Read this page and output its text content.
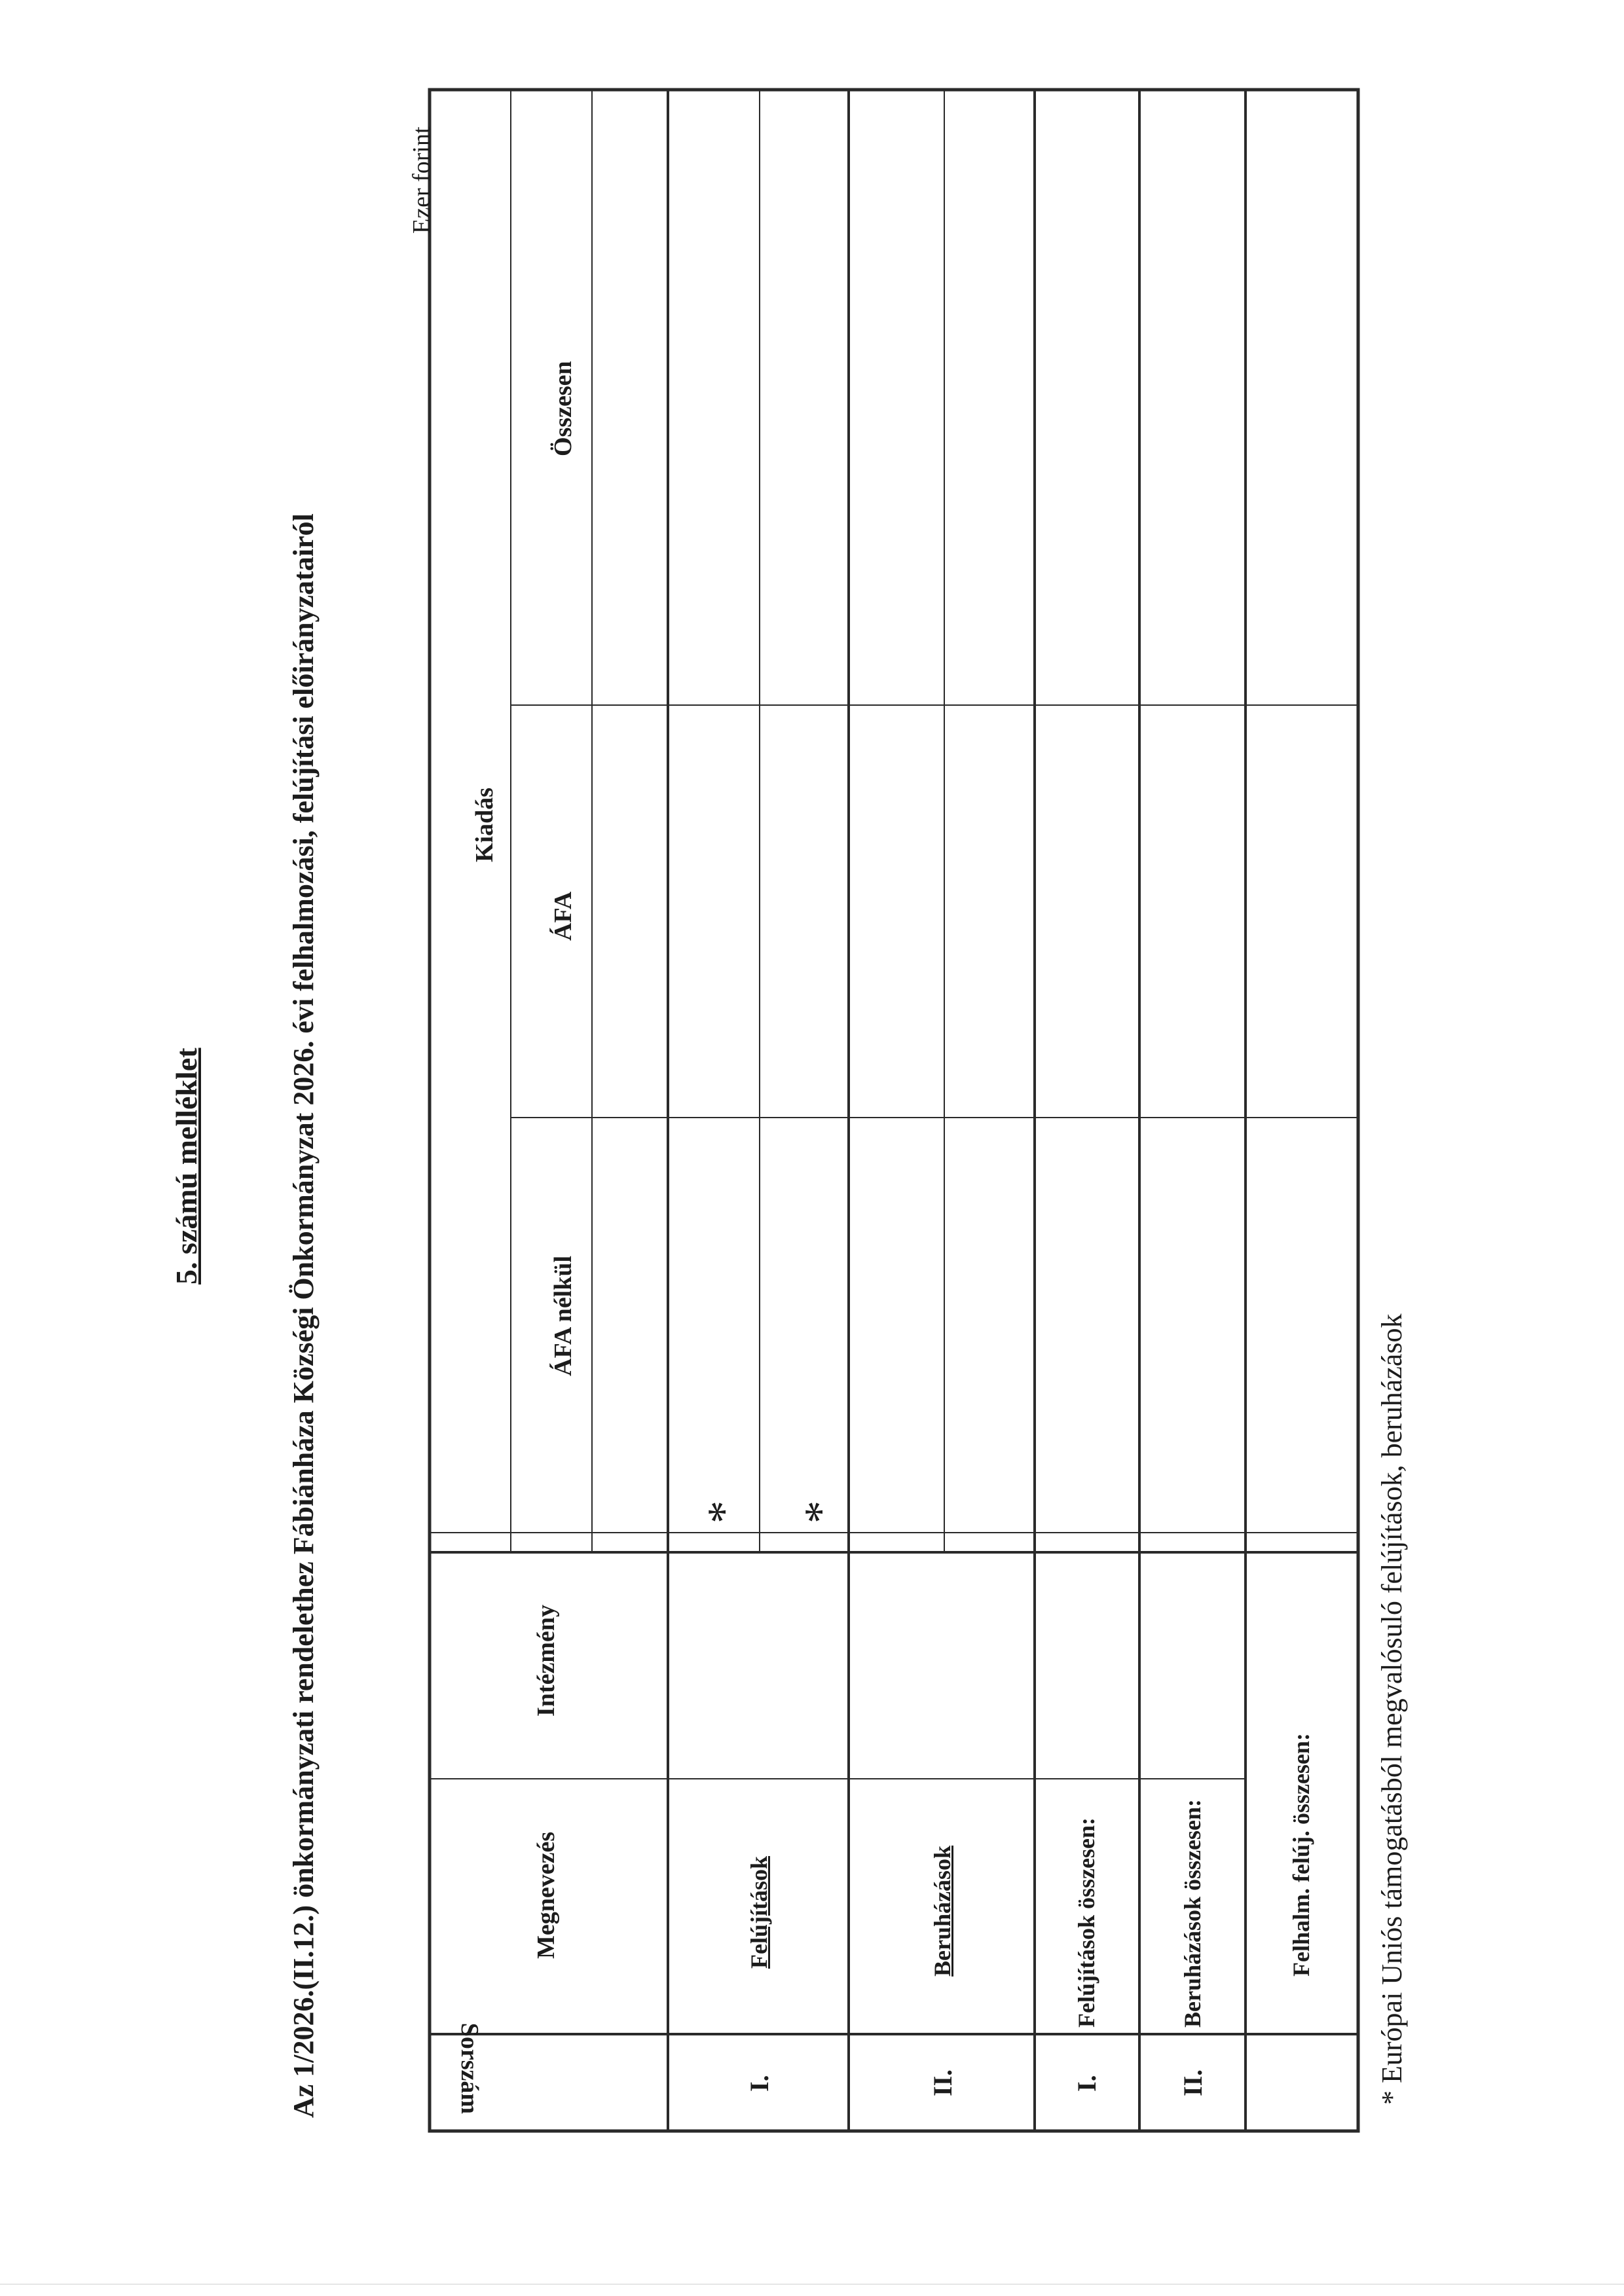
5. számú melléklet	Az 1/2026.(II.12.) önkormányzati rendelethez Fábiánháza Községi Önkormányzat 2026. évi felhalmozási, felújítási előirányzatairól
Ezer forint
Sorszám
Megnevezés
Intézmény
Kiadás
ÁFA nélkül
ÁFA
Összesen
I.
Felújítások
* *
II.
Beruházások
I.
Felújítások összesen:
II.
Beruházások összesen:	Felhalm. felúj. összesen: * Európai Uniós támogatásból megvalósuló felújítások, beruházások
